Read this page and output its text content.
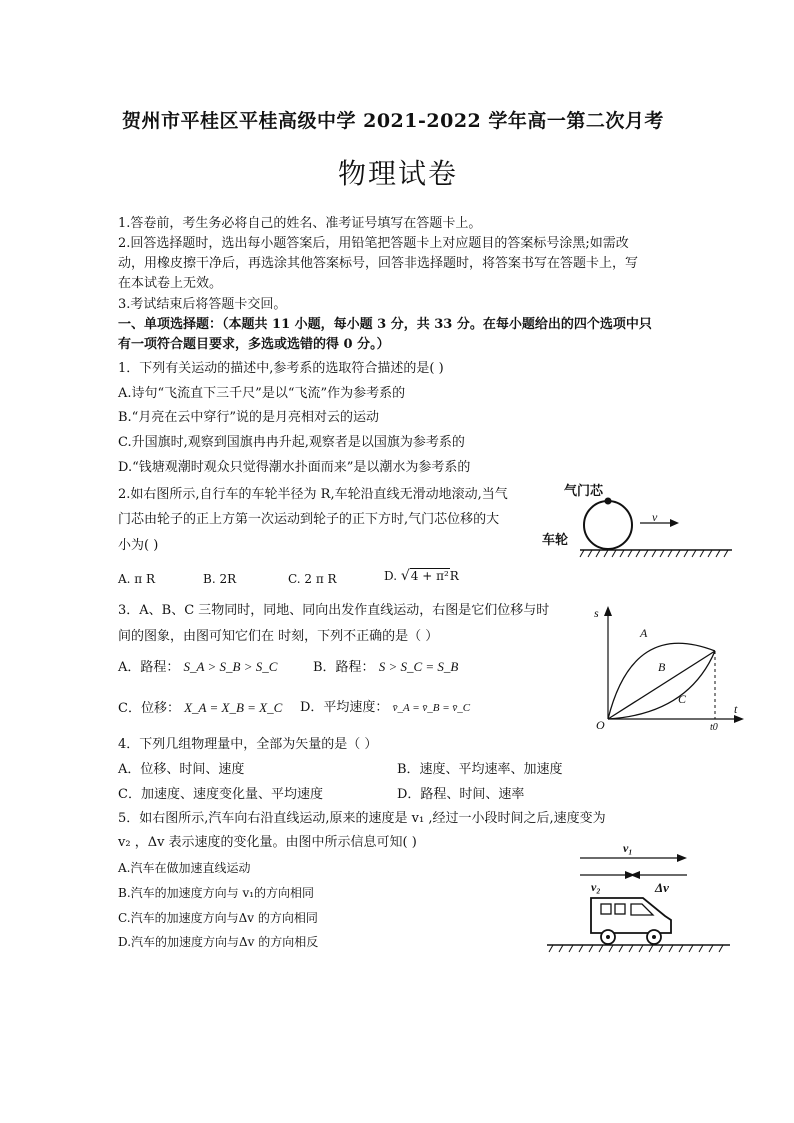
贺州市平桂区平桂高级中学 2021-2022 学年高一第二次月考
物理试卷
1.答卷前，考生务必将自己的姓名、准考证号填写在答题卡上。
2.回答选择题时，选出每小题答案后，用铅笔把答题卡上对应题目的答案标号涂黑;如需改
动，用橡皮擦干净后，再选涂其他答案标号，回答非选择题时，将答案书写在答题卡上，写
在本试卷上无效。
3.考试结束后将答题卡交回。
一、单项选择题：（本题共 11 小题，每小题 3 分，共 33 分。在每小题给出的四个选项中只
有一项符合题目要求，多选或选错的得 0 分。）
1．下列有关运动的描述中,参考系的选取符合描述的是( )
A.诗句“飞流直下三千尺”是以“飞流”作为参考系的
B.“月亮在云中穿行”说的是月亮相对云的运动
C.升国旗时,观察到国旗冉冉升起,观察者是以国旗为参考系的
D.“钱塘观潮时观众只觉得潮水扑面而来”是以潮水为参考系的
2.如右图所示,自行车的车轮半径为 R,车轮沿直线无滑动地滚动,当气
门芯由轮子的正上方第一次运动到轮子的正下方时,气门芯位移的大
小为( )
A. π R	B. 2R	C. 2 π R	D. √4 + π²R
气门芯
车轮
v
3．A、B、C 三物同时，同地、同向出发作直线运动，右图是它们位移与时
间的图象，由图可知它们在 时刻，下列不正确的是（ ）
A．路程： S_A > S_B > S_C	B．路程： S > S_C = S_B
C．位移： X_A = X_B = X_C D．平均速度： v̄_A = v̄_B = v̄_C
s
t
O	t0
A
B
C
4．下列几组物理量中，全部为矢量的是（ ）
A．位移、时间、速度	B．速度、平均速率、加速度
C．加速度、速度变化量、平均速度	D．路程、时间、速率
5．如右图所示,汽车向右沿直线运动,原来的速度是 v₁ ,经过一小段时间之后,速度变为
v₂ ，Δv 表示速度的变化量。由图中所示信息可知( )
A.汽车在做加速直线运动
B.汽车的加速度方向与 v₁的方向相同
C.汽车的加速度方向与Δv 的方向相同
D.汽车的加速度方向与Δv 的方向相反
v₁
v₂	Δv
